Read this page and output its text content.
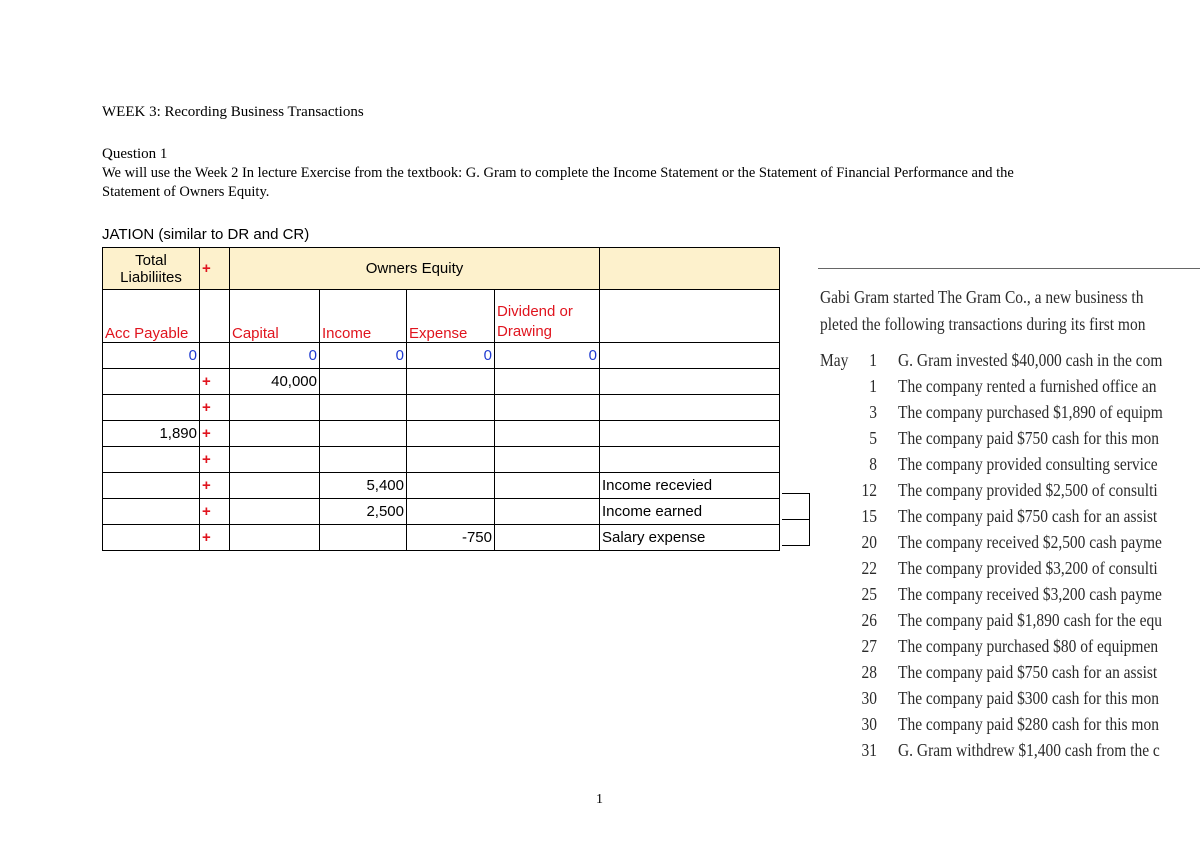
WEEK 3: Recording Business Transactions
Question 1
We will use the Week 2 In lecture Exercise from the textbook: G. Gram to complete the Income Statement or the Statement of Financial Performance and the Statement of Owners Equity.
JATION (similar to DR and CR)
Total Liabiliites	+	Owners Equity				
Acc Payable		Capital	Income	Expense	Dividend or Drawing	
0		0	0	0	0	
	+	40,000				
	+					
1,890	+					
	+					
	+		5,400			Income recevied
	+		2,500			Income earned
	+			-750		Salary expense
Gabi Gram started The Gram Co., a new business th
pleted the following transactions during its first mon
May	1 G. Gram invested $40,000 cash in the com
1 The company rented a furnished office an
3 The company purchased $1,890 of equipm
5 The company paid $750 cash for this mon
8 The company provided consulting service
12 The company provided $2,500 of consulti
15 The company paid $750 cash for an assist
20 The company received $2,500 cash payme
22 The company provided $3,200 of consulti
25 The company received $3,200 cash payme
26 The company paid $1,890 cash for the equ
27 The company purchased $80 of equipmen
28 The company paid $750 cash for an assist
30 The company paid $300 cash for this mon
30 The company paid $280 cash for this mon
31 G. Gram withdrew $1,400 cash from the c
1
